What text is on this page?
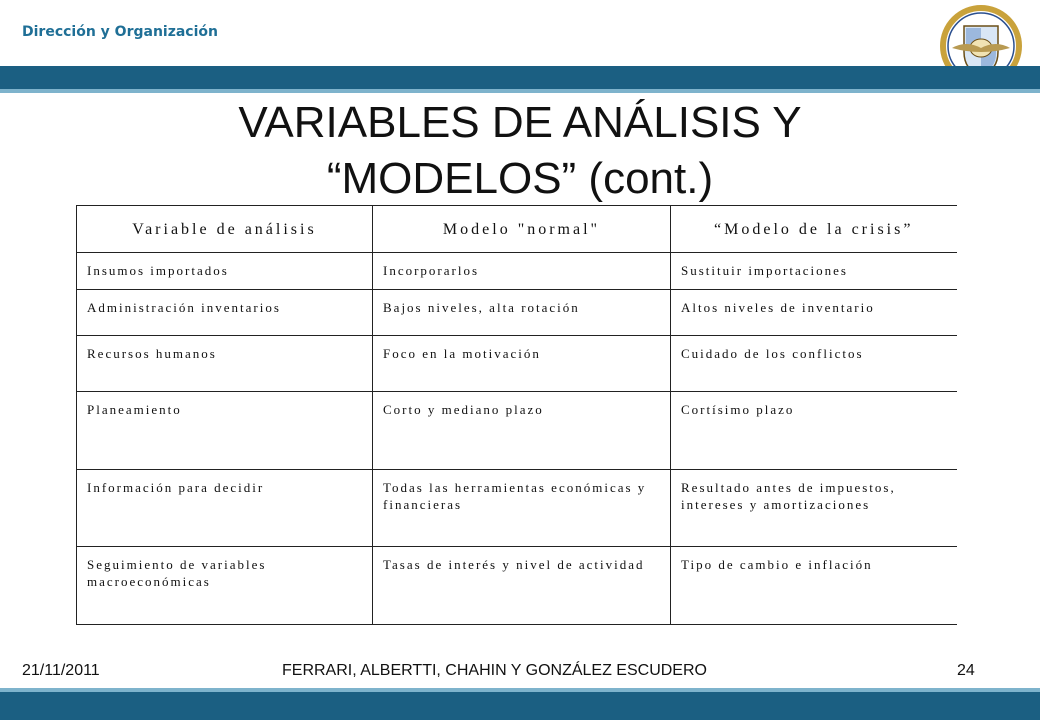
Dirección y Organización
VARIABLES DE ANÁLISIS Y
“MODELOS” (cont.)
Variable de análisis	Modelo "normal"	“Modelo de la crisis”
Insumos importados	Incorporarlos	Sustituir importaciones
Administración inventarios	Bajos niveles, alta rotación	Altos niveles de inventario
Recursos humanos	Foco en la motivación	Cuidado de los conflictos
Planeamiento	Corto y mediano plazo	Cortísimo plazo
Información para decidir	Todas las herramientas económicas y financieras	Resultado antes de impuestos, intereses y amortizaciones
Seguimiento de variables macroeconómicas	Tasas de interés y nivel de actividad	Tipo de cambio e inflación
21/11/2011	FERRARI, ALBERTTI, CHAHIN Y GONZÁLEZ ESCUDERO	24
